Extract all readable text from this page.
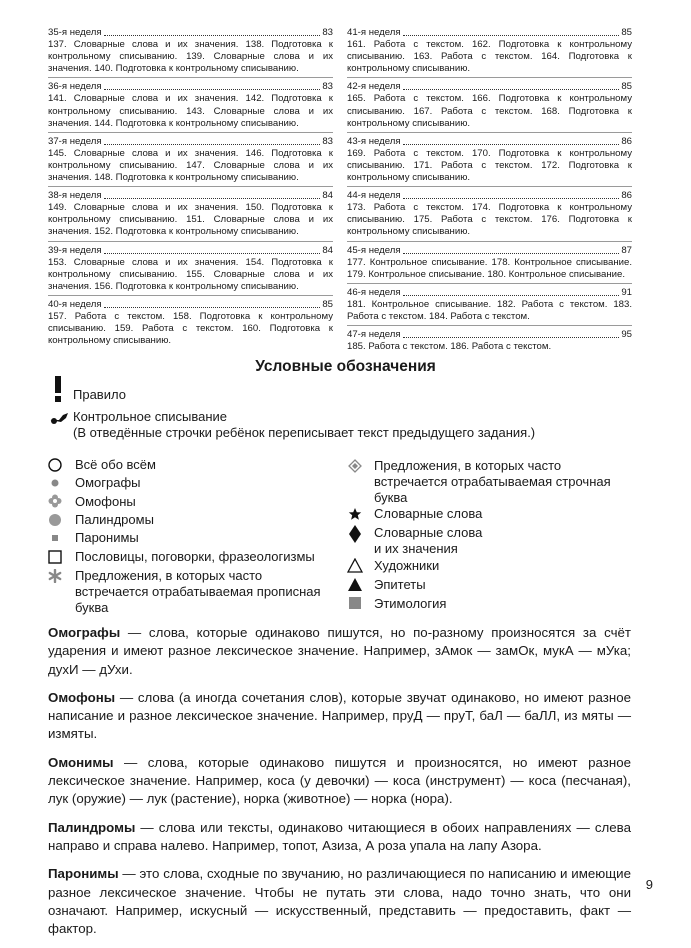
35-я неделя	83
137. Словарные слова и их значения. 138. Подготовка к контрольному списыванию. 139. Словарные слова и их значения. 140. Подготовка к контрольному списыванию.
36-я неделя	83
141. Словарные слова и их значения. 142. Подготовка к контрольному списыванию. 143. Словарные слова и их значения. 144. Подготовка к контрольному списыванию.
37-я неделя	83
145. Словарные слова и их значения. 146. Подготовка к контрольному списыванию. 147. Словарные слова и их значения. 148. Подготовка к контрольному списыванию.
38-я неделя	84
149. Словарные слова и их значения. 150. Подготовка к контрольному списыванию. 151. Словарные слова и их значения. 152. Подготовка к контрольному списыванию.
39-я неделя	84
153. Словарные слова и их значения. 154. Подготовка к контрольному списыванию. 155. Словарные слова и их значения. 156. Подготовка к контрольному списыванию.
40-я неделя	85
157. Работа с текстом. 158. Подготовка к контрольному списыванию. 159. Работа с текстом. 160. Подготовка к контрольному списыванию.
41-я неделя	85
161. Работа с текстом. 162. Подготовка к контрольному списыванию. 163. Работа с текстом. 164. Подготовка к контрольному списыванию.
42-я неделя	85
165. Работа с текстом. 166. Подготовка к контрольному списыванию. 167. Работа с текстом. 168. Подготовка к контрольному списыванию.
43-я неделя	86
169. Работа с текстом. 170. Подготовка к контрольному списыванию. 171. Работа с текстом. 172. Подготовка к контрольному списыванию.
44-я неделя	86
173. Работа с текстом. 174. Подготовка к контрольному списыванию. 175. Работа с текстом. 176. Подготовка к контрольному списыванию.
45-я неделя	87
177. Контрольное списывание. 178. Контрольное списывание. 179. Контрольное списывание. 180. Контрольное списывание.
46-я неделя	91
181. Контрольное списывание. 182. Работа с текстом. 183. Работа с текстом. 184. Работа с текстом.
47-я неделя	95
185. Работа с текстом. 186. Работа с текстом.
Условные обозначения
Правило
Контрольное списывание
(В отведённые строчки ребёнок переписывает текст предыдущего задания.)
Всё обо всём
Омографы
Омофоны
Палиндромы
Паронимы
Пословицы, поговорки, фразеологизмы
Предложения, в которых часто
встречается отрабатываемая прописная
буква
Предложения, в которых часто
встречается отрабатываемая строчная
буква
Словарные слова
Словарные слова
и их значения
Художники
Эпитеты
Этимология

Омографы — слова, которые одинаково пишутся, но по-разному произносятся за счёт ударения и имеют разное лексическое значение. Например, зАмок — замОк, мукА — мУка; духИ — дУхи.

Омофоны — слова (а иногда сочетания слов), которые звучат одинаково, но имеют разное написание и разное лексическое значение. Например, пруД — пруТ, баЛ — баЛЛ, из мяты — измяты.

Омонимы — слова, которые одинаково пишутся и произносятся, но имеют разное лексическое значение. Например, коса (у девочки) — коса (инструмент) — коса (песчаная), лук (оружие) — лук (растение), норка (животное) — норка (нора).

Палиндромы — слова или тексты, одинаково читающиеся в обоих направлениях — слева направо и справа налево. Например, топот, Азиза, А роза упала на лапу Азора.

Паронимы — это слова, сходные по звучанию, но различающиеся по написанию и имеющие разное лексическое значение. Чтобы не путать эти слова, надо точно знать, что они означают. Например, искусный — искусственный, представить — предоставить, факт — фактор.

9
